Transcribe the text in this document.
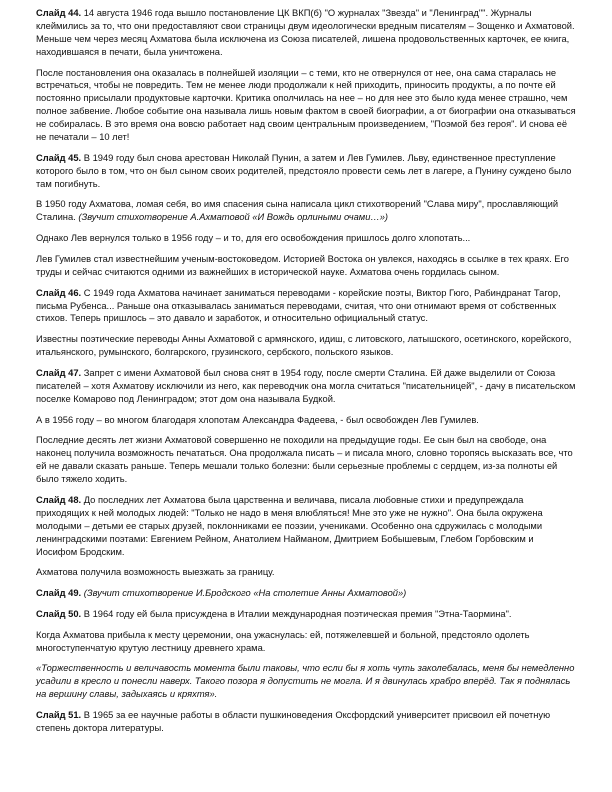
Слайд 44. 14 августа 1946 года вышло постановление ЦК ВКП(б) "О журналах "Звезда" и "Ленинград"". Журналы клеймились за то, что они предоставляют свои страницы двум идеологически вредным писателям – Зощенко и Ахматовой. Меньше чем через месяц Ахматова была исключена из Союза писателей, лишена продовольственных карточек, ее книга, находившаяся в печати, была уничтожена.

После постановления она оказалась в полнейшей изоляции – с теми, кто не отвернулся от нее, она сама старалась не встречаться, чтобы не повредить. Тем не менее люди продолжали к ней приходить, приносить продукты, а по почте ей постоянно присылали продуктовые карточки. Критика ополчилась на нее – но для нее это было куда менее страшно, чем полное забвение. Любое событие она называла лишь новым фактом в своей биографии, а от биографии она отказываться не собиралась. В это время она вовсю работает над своим центральным произведением, "Поэмой без героя". И снова её не печатали – 10 лет!

Слайд 45. В 1949 году был снова арестован Николай Пунин, а затем и Лев Гумилев. Льву, единственное преступление которого было в том, что он был сыном своих родителей, предстояло провести семь лет в лагере, а Пунину суждено было там погибнуть.

В 1950 году Ахматова, ломая себя, во имя спасения сына написала цикл стихотворений "Слава миру", прославляющий Сталина. (Звучит стихотворение А.Ахматовой «И Вождь орлиными очами…»)

Однако Лев вернулся только в 1956 году – и то, для его освобождения пришлось долго хлопотать...

Лев Гумилев стал известнейшим ученым-востоковедом. Историей Востока он увлекся, находясь в ссылке в тех краях. Его труды и сейчас считаются одними из важнейших в исторической науке. Ахматова очень гордилась сыном.

Слайд 46. С 1949 года Ахматова начинает заниматься переводами - корейские поэты, Виктор Гюго, Рабиндранат Тагор, письма Рубенса... Раньше она отказывалась заниматься переводами, считая, что они отнимают время от собственных стихов. Теперь пришлось – это давало и заработок, и относительно официальный статус.

Известны поэтические переводы Анны Ахматовой с армянского, идиш, с литовского, латышского, осетинского, корейского, итальянского, румынского, болгарского, грузинского, сербского, польского языков.

Слайд 47. Запрет с имени Ахматовой был снова снят в 1954 году, после смерти Сталина. Ей даже выделили от Союза писателей – хотя Ахматову исключили из него, как переводчик она могла считаться "писательницей", - дачу в писательском поселке Комарово под Ленинградом; этот дом она называла Будкой.

А в 1956 году – во многом благодаря хлопотам Александра Фадеева, - был освобожден Лев Гумилев.

Последние десять лет жизни Ахматовой совершенно не походили на предыдущие годы. Ее сын был на свободе, она наконец получила возможность печататься. Она продолжала писать – и писала много, словно торопясь высказать все, что ей не давали сказать раньше. Теперь мешали только болезни: были серьезные проблемы с сердцем, из-за полноты ей было тяжело ходить.

Слайд 48. До последних лет Ахматова была царственна и величава, писала любовные стихи и предупреждала приходящих к ней молодых людей: "Только не надо в меня влюбляться! Мне это уже не нужно". Она была окружена молодыми – детьми ее старых друзей, поклонниками ее поэзии, учениками. Особенно она сдружилась с молодыми ленинградскими поэтами: Евгением Рейном, Анатолием Найманом, Дмитрием Бобышевым, Глебом Горбовским и Иосифом Бродским.

Ахматова получила возможность выезжать за границу.

Слайд 49. (Звучит стихотворение И.Бродского «На столетие Анны Ахматовой»)

Слайд 50. В 1964 году ей была присуждена в Италии международная поэтическая премия "Этна-Таормина".

Когда Ахматова прибыла к месту церемонии, она ужаснулась: ей, потяжелевшей и больной, предстояло одолеть многоступенчатую крутую лестницу древнего храма.

«Торжественность и величавость момента были таковы, что если бы я хоть чуть заколебалась, меня бы немедленно усадили в кресло и понесли наверх. Такого позора я допустить не могла. И я двинулась храбро вперёд. Так я поднялась на вершину славы, задыхаясь и кряхтя».

Слайд 51. В 1965 за ее научные работы в области пушкиноведения Оксфордский университет присвоил ей почетную степень доктора литературы.
